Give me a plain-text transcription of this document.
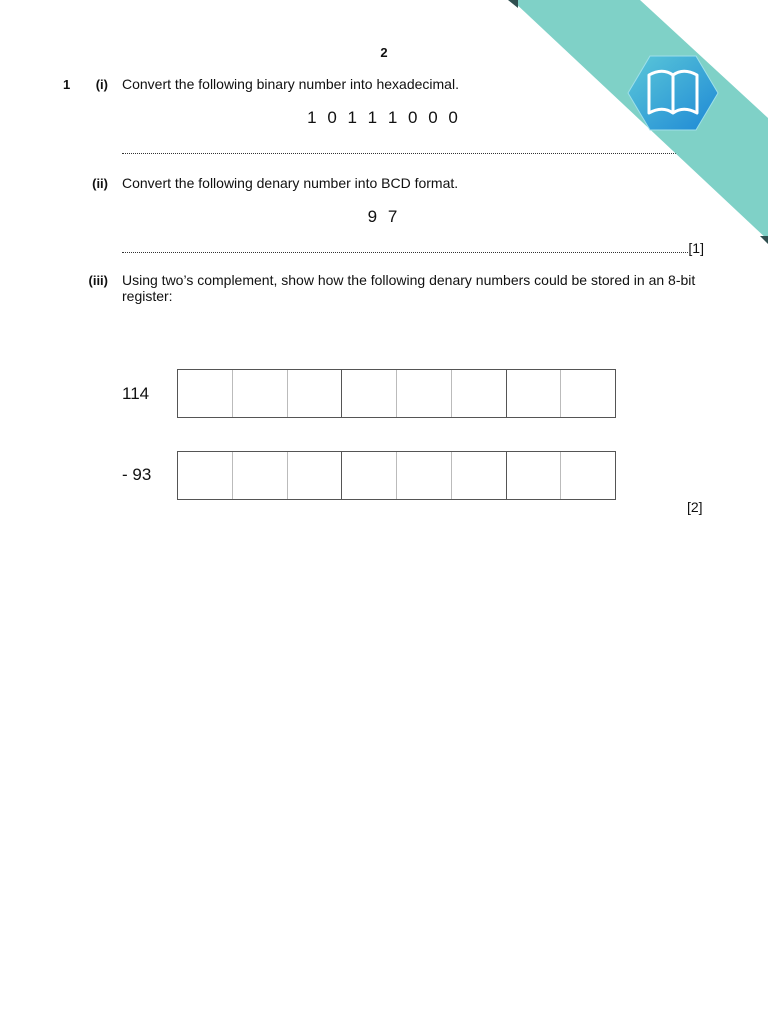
2
1	(i) Convert the following binary number into hexadecimal.
1 0 1 1 1 0 0 0
(ii) Convert the following denary number into BCD format.
9 7
[1]
(iii) Using two’s complement, show how the following denary numbers could be stored in an 8-bit
register:
114
- 93
[2]
